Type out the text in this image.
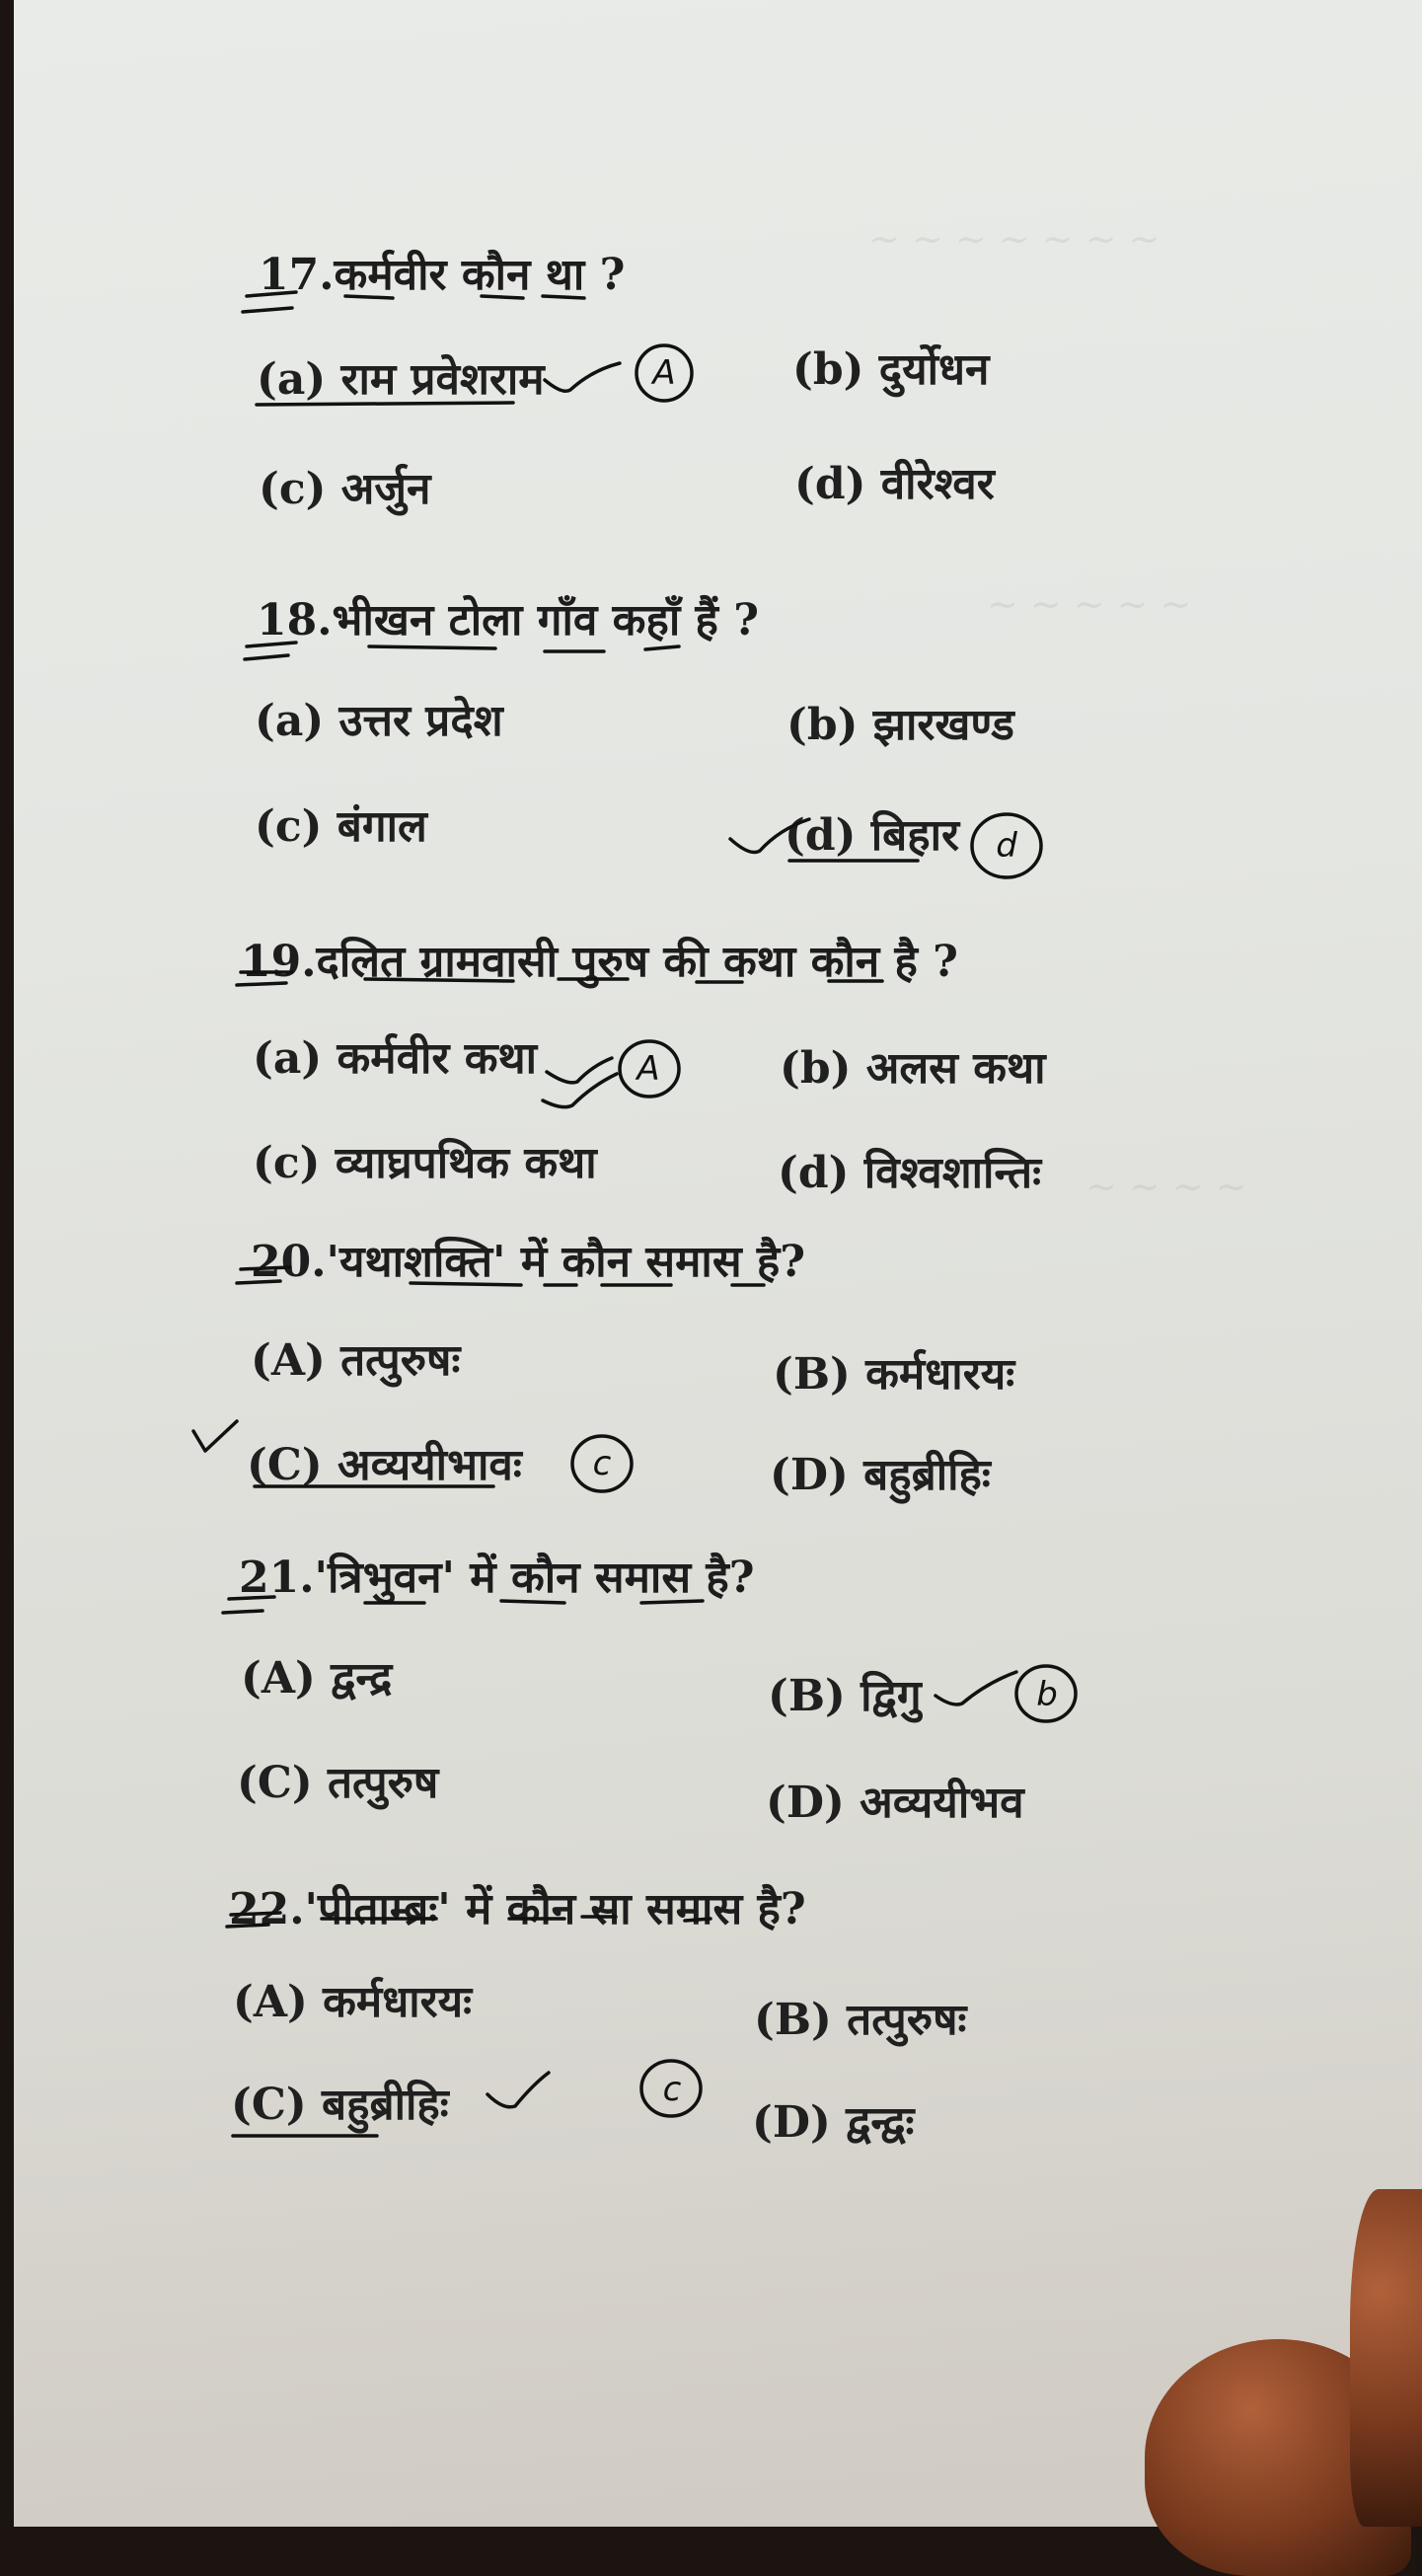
~ ~ ~ ~ ~ ~ ~
~ ~ ~ ~ ~
~ ~ ~ ~
17.कर्मवीर कौन था ?
(a) राम प्रवेशराम	(b) दुर्योधन
(c) अर्जुन	(d) वीरेश्वर
A
18.भीखन टोला गाँव कहाँ हैं ?
(a) उत्तर प्रदेश	(b) झारखण्ड
(c) बंगाल	(d) बिहार	d
19.दलित ग्रामवासी पुरुष की कथा कौन है ?
(a) कर्मवीर कथा	(b) अलस कथा
(c) व्याघ्रपथिक कथा	(d) विश्वशान्तिः
A
20.'यथाशक्ति' में कौन समास है?
(A) तत्पुरुषः	(B) कर्मधारयः
(C) अव्ययीभावः	(D) बहुब्रीहिः
c
21.'त्रिभुवन' में कौन समास है?
(A) द्वन्द्र	(B) द्विगु
(C) तत्पुरुष	(D) अव्ययीभव
b
22.'पीताम्ब्रः' में कौन सा समास है?
(A) कर्मधारयः	(B) तत्पुरुषः
(C) बहुब्रीहिः	(D) द्वन्द्वः
c
